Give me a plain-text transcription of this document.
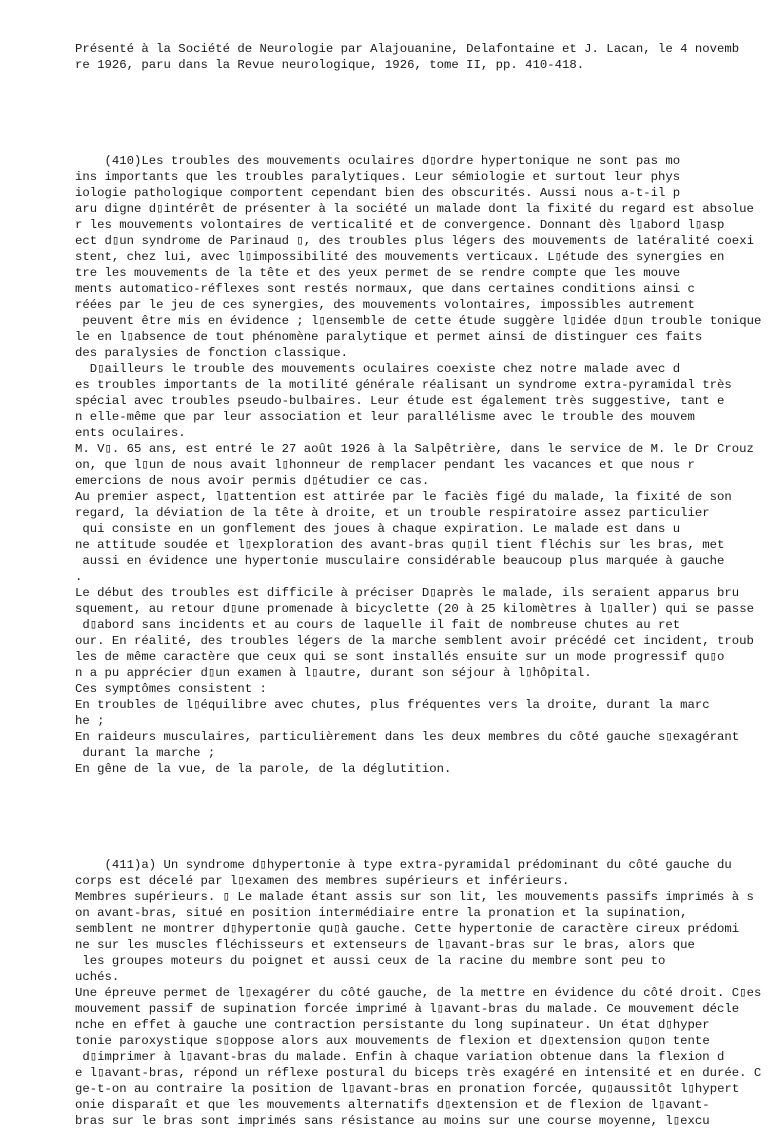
Présenté à la Société de Neurologie par Alajouanine, Delafontaine et J. Lacan, le 4 novemb
re 1926, paru dans la Revue neurologique, 1926, tome II, pp. 410-418.

(410)Les troubles des mouvements oculaires d▯ordre hypertonique ne sont pas mo
ins importants que les troubles paralytiques. Leur sémiologie et surtout leur phys
iologie pathologique comportent cependant bien des obscurités. Aussi nous a-t-il p
aru digne d▯intérêt de présenter à la société un malade dont la fixité du regard est absolue
r les mouvements volontaires de verticalité et de convergence. Donnant dès l▯abord l▯asp
ect d▯un syndrome de Parinaud ▯, des troubles plus légers des mouvements de latéralité coexi
stent, chez lui, avec l▯impossibilité des mouvements verticaux. L▯étude des synergies en
tre les mouvements de la tête et des yeux permet de se rendre compte que les mouve
ments automatico-réflexes sont restés normaux, que dans certaines conditions ainsi c
réées par le jeu de ces synergies, des mouvements volontaires, impossibles autrement
peuvent être mis en évidence ; l▯ensemble de cette étude suggère l▯idée d▯un trouble tonique
le en l▯absence de tout phénomène paralytique et permet ainsi de distinguer ces faits
des paralysies de fonction classique.
D▯ailleurs le trouble des mouvements oculaires coexiste chez notre malade avec d
es troubles importants de la motilité générale réalisant un syndrome extra-pyramidal très
spécial avec troubles pseudo-bulbaires. Leur étude est également très suggestive, tant e
n elle-même que par leur association et leur parallélisme avec le trouble des mouvem
ents oculaires.
M. V▯. 65 ans, est entré le 27 août 1926 à la Salpêtrière, dans le service de M. le Dr Crouz
on, que l▯un de nous avait l▯honneur de remplacer pendant les vacances et que nous r
emercions de nous avoir permis d▯étudier ce cas.
Au premier aspect, l▯attention est attirée par le faciès figé du malade, la fixité de son
regard, la déviation de la tête à droite, et un trouble respiratoire assez particulier
qui consiste en un gonflement des joues à chaque expiration. Le malade est dans u
ne attitude soudée et l▯exploration des avant-bras qu▯il tient fléchis sur les bras, met
aussi en évidence une hypertonie musculaire considérable beaucoup plus marquée à gauche
.
Le début des troubles est difficile à préciser D▯après le malade, ils seraient apparus bru
squement, au retour d▯une promenade à bicyclette (20 à 25 kilomètres à l▯aller) qui se passe
d▯abord sans incidents et au cours de laquelle il fait de nombreuse chutes au ret
our. En réalité, des troubles légers de la marche semblent avoir précédé cet incident, troub
les de même caractère que ceux qui se sont installés ensuite sur un mode progressif qu▯o
n a pu apprécier d▯un examen à l▯autre, durant son séjour à l▯hôpital.
Ces symptômes consistent :
En troubles de l▯équilibre avec chutes, plus fréquentes vers la droite, durant la marc
he ;
En raideurs musculaires, particulièrement dans les deux membres du côté gauche s▯exagérant
durant la marche ;
En gêne de la vue, de la parole, de la déglutition.

(411)a) Un syndrome d▯hypertonie à type extra-pyramidal prédominant du côté gauche du
corps est décelé par l▯examen des membres supérieurs et inférieurs.
Membres supérieurs. ▯ Le malade étant assis sur son lit, les mouvements passifs imprimés à s
on avant-bras, situé en position intermédiaire entre la pronation et la supination,
semblent ne montrer d▯hypertonie qu▯à gauche. Cette hypertonie de caractère cireux prédomi
ne sur les muscles fléchisseurs et extenseurs de l▯avant-bras sur le bras, alors que
les groupes moteurs du poignet et aussi ceux de la racine du membre sont peu to
uchés.
Une épreuve permet de l▯exagérer du côté gauche, de la mettre en évidence du côté droit. C▯es
mouvement passif de supination forcée imprimé à l▯avant-bras du malade. Ce mouvement décle
nche en effet à gauche une contraction persistante du long supinateur. Un état d▯hyper
tonie paroxystique s▯oppose alors aux mouvements de flexion et d▯extension qu▯on tente
d▯imprimer à l▯avant-bras du malade. Enfin à chaque variation obtenue dans la flexion d
e l▯avant-bras, répond un réflexe postural du biceps très exagéré en intensité et en durée. C
ge-t-on au contraire la position de l▯avant-bras en pronation forcée, qu▯aussitôt l▯hypert
onie disparaît et que les mouvements alternatifs d▯extension et de flexion de l▯avant-
bras sur le bras sont imprimés sans résistance au moins sur une course moyenne, l▯excu
